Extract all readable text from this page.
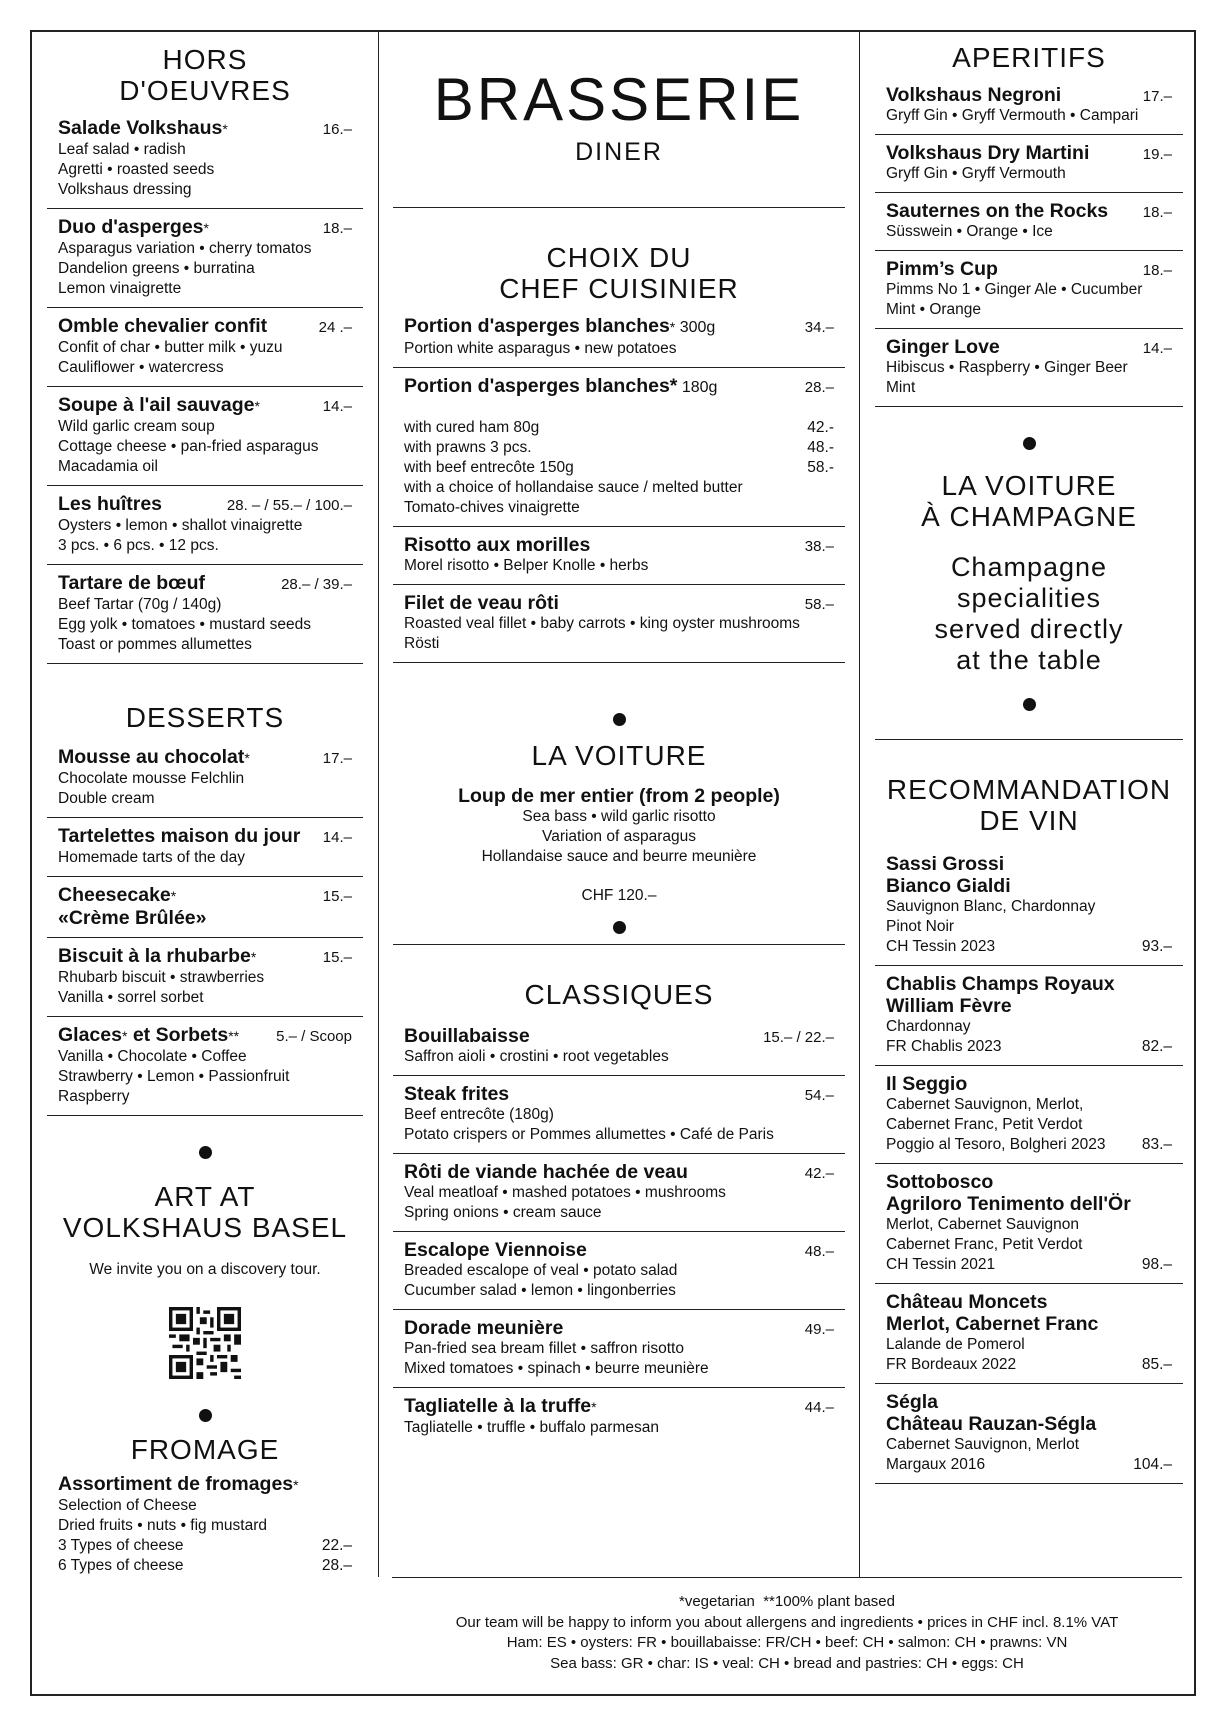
HORS
D'OEUVRES
Salade Volkshaus*	16.–
Leaf salad • radish
Agretti • roasted seeds
Volkshaus dressing
Duo d'asperges*	18.–
Asparagus variation • cherry tomatos
Dandelion greens • burratina
Lemon vinaigrette
Omble chevalier confit	24 .–
Confit of char • butter milk • yuzu
Cauliflower • watercress
Soupe à l'ail sauvage*	14.–
Wild garlic cream soup
Cottage cheese • pan-fried asparagus
Macadamia oil
Les huîtres	28. – / 55.– / 100.–
Oysters • lemon • shallot vinaigrette
3 pcs. • 6 pcs. • 12 pcs.
Tartare de bœuf	28.– / 39.–
Beef Tartar (70g / 140g)
Egg yolk • tomatoes • mustard seeds
Toast or pommes allumettes
DESSERTS
Mousse au chocolat*	17.–
Chocolate mousse Felchlin
Double cream
Tartelettes maison du jour 14.–
Homemade tarts of the day
Cheesecake*	15.–
«Crème Brûlée»
Biscuit à la rhubarbe*	15.–
Rhubarb biscuit • strawberries
Vanilla • sorrel sorbet
Glaces* et Sorbets** 5.– / Scoop
Vanilla • Chocolate • Coffee
Strawberry • Lemon • Passionfruit
Raspberry
ART AT
VOLKSHAUS BASEL
We invite you on a discovery tour.
FROMAGE
Assortiment de fromages*
Selection of Cheese
Dried fruits • nuts • fig mustard
3 Types of cheese	22.–
6 Types of cheese	28.–
BRASSERIE
DINER
CHOIX DU
CHEF CUISINIER
Portion d'asperges blanches* 300g	34.–
Portion white asparagus • new potatoes
Portion d'asperges blanches* 180g	28.–
with cured ham 80g	42.-
with prawns 3 pcs.	48.-
with beef entrecôte 150g	58.-
with a choice of hollandaise sauce / melted butter
Tomato-chives vinaigrette
Risotto aux morilles	38.–
Morel risotto • Belper Knolle • herbs
Filet de veau rôti	58.–
Roasted veal fillet • baby carrots • king oyster mushrooms
Rösti
LA VOITURE
Loup de mer entier (from 2 people)
Sea bass • wild garlic risotto
Variation of asparagus
Hollandaise sauce and beurre meunière
CHF 120.–
CLASSIQUES
Bouillabaisse	15.– / 22.–
Saffron aioli • crostini • root vegetables
Steak frites	54.–
Beef entrecôte (180g)
Potato crispers or Pommes allumettes • Café de Paris
Rôti de viande hachée de veau	42.–
Veal meatloaf • mashed potatoes • mushrooms
Spring onions • cream sauce
Escalope Viennoise	48.–
Breaded escalope of veal • potato salad
Cucumber salad • lemon • lingonberries
Dorade meunière	49.–
Pan-fried sea bream fillet • saffron risotto
Mixed tomatoes • spinach • beurre meunière
Tagliatelle à la truffe*	44.–
Tagliatelle • truffle • buffalo parmesan
APERITIFS
Volkshaus Negroni	17.–
Gryff Gin • Gryff Vermouth • Campari
Volkshaus Dry Martini	19.–
Gryff Gin • Gryff Vermouth
Sauternes on the Rocks 18.–
Süsswein • Orange • Ice
Pimm’s Cup	18.–
Pimms No 1 • Ginger Ale • Cucumber
Mint • Orange
Ginger Love	14.–
Hibiscus • Raspberry • Ginger Beer
Mint
LA VOITURE
À CHAMPAGNE
Champagne
specialities
served directly
at the table
RECOMMANDATION
DE VIN
Sassi Grossi
Bianco Gialdi
Sauvignon Blanc, Chardonnay
Pinot Noir
CH Tessin 2023	93.–
Chablis Champs Royaux
William Fèvre
Chardonnay
FR Chablis 2023	82.–
Il Seggio
Cabernet Sauvignon, Merlot,
Cabernet Franc, Petit Verdot
Poggio al Tesoro, Bolgheri 2023 83.–
Sottobosco
Agriloro Tenimento dell'Ör
Merlot, Cabernet Sauvignon
Cabernet Franc, Petit Verdot
CH Tessin 2021	98.–
Château Moncets
Merlot, Cabernet Franc
Lalande de Pomerol
FR Bordeaux 2022	85.–
Ségla
Château Rauzan-Ségla
Cabernet Sauvignon, Merlot
Margaux 2016	104.–
*vegetarian  **100% plant based
Our team will be happy to inform you about allergens and ingredients • prices in CHF incl. 8.1% VAT
Ham: ES • oysters: FR • bouillabaisse: FR/CH • beef: CH • salmon: CH • prawns: VN
Sea bass: GR • char: IS • veal: CH • bread and pastries: CH • eggs: CH
